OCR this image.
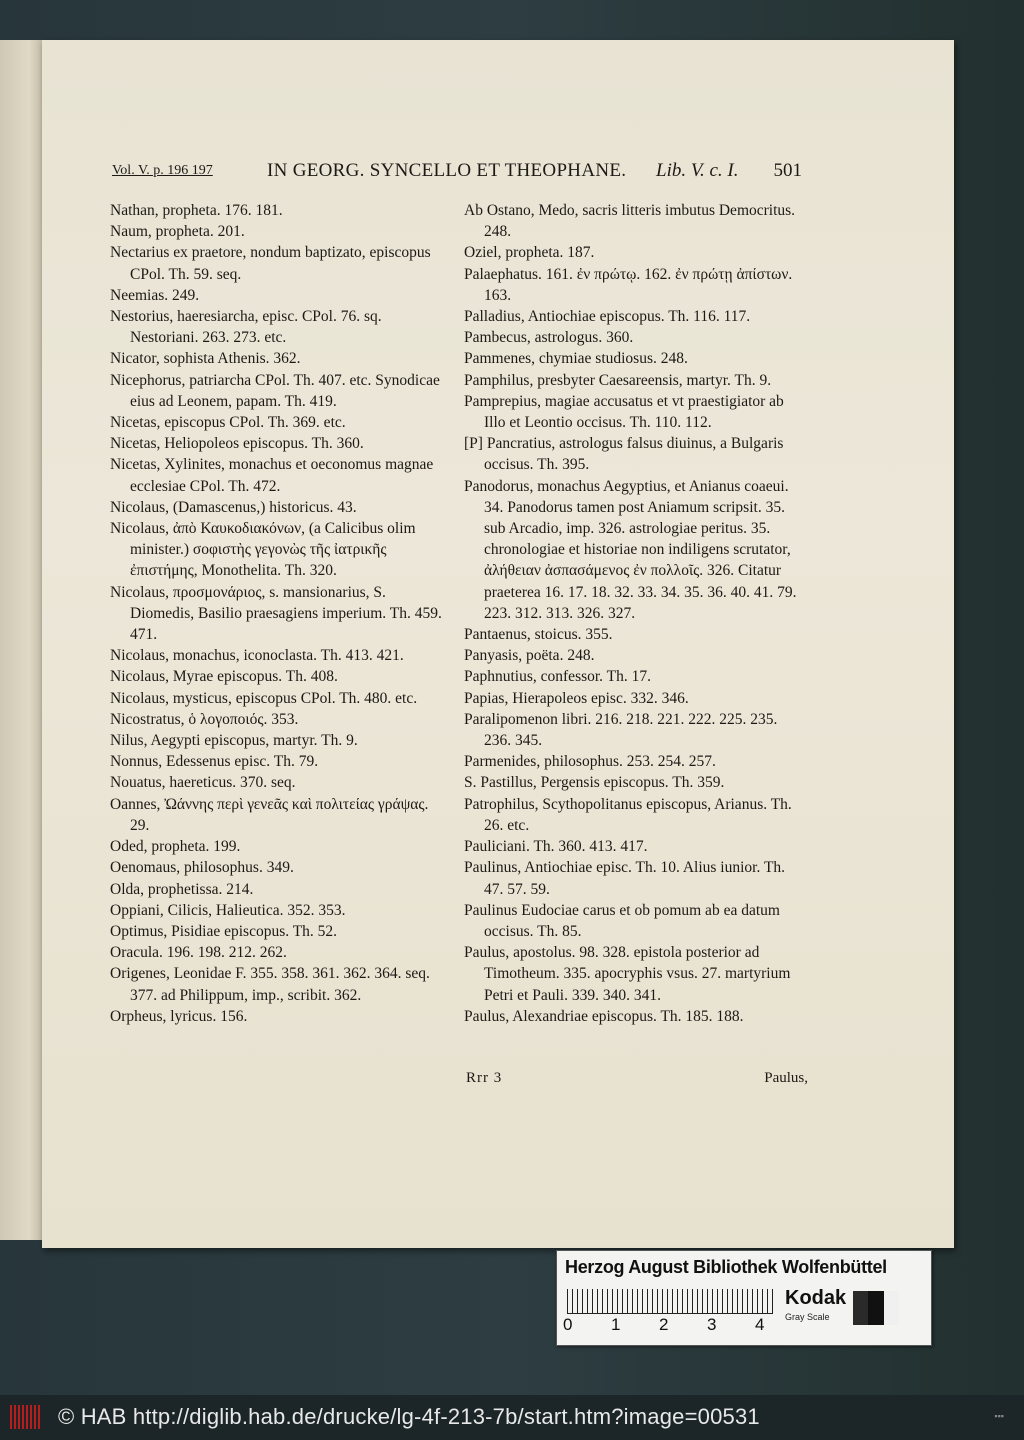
Vol. V. p. 196 197	IN GEORG. SYNCELLO ET THEOPHANE. Lib. V. c. I. 501
Nathan, propheta. 176. 181.
Naum, propheta. 201.
Nectarius ex praetore, nondum baptizato, episcopus CPol. Th. 59. seq.
Neemias. 249.
Nestorius, haeresiarcha, episc. CPol. 76. sq. Nestoriani. 263. 273. etc.
Nicator, sophista Athenis. 362.
Nicephorus, patriarcha CPol. Th. 407. etc. Synodicae eius ad Leonem, papam. Th. 419.
Nicetas, episcopus CPol. Th. 369. etc.
Nicetas, Heliopoleos episcopus. Th. 360.
Nicetas, Xylinites, monachus et oeconomus magnae ecclesiae CPol. Th. 472.
Nicolaus, (Damascenus,) historicus. 43.
Nicolaus, ἀπὸ Καυκοδιακόνων, (a Calicibus olim minister.) σοφιστὴς γεγονὼς τῆς ἰατρικῆς ἐπιστήμης, Monothelita. Th. 320.
Nicolaus, προσμονάριος, s. mansionarius, S. Diomedis, Basilio praesagiens imperium. Th. 459. 471.
Nicolaus, monachus, iconoclasta. Th. 413. 421.
Nicolaus, Myrae episcopus. Th. 408.
Nicolaus, mysticus, episcopus CPol. Th. 480. etc.
Nicostratus, ὁ λογοποιός. 353.
Nilus, Aegypti episcopus, martyr. Th. 9.
Nonnus, Edessenus episc. Th. 79.
Nouatus, haereticus. 370. seq.
Oannes, Ὠάννης περὶ γενεᾶς καὶ πολιτείας γράψας. 29.
Oded, propheta. 199.
Oenomaus, philosophus. 349.
Olda, prophetissa. 214.
Oppiani, Cilicis, Halieutica. 352. 353.
Optimus, Pisidiae episcopus. Th. 52.
Oracula. 196. 198. 212. 262.
Origenes, Leonidae F. 355. 358. 361. 362. 364. seq. 377. ad Philippum, imp., scribit. 362.
Orpheus, lyricus. 156.
Ab Ostano, Medo, sacris litteris imbutus Democritus. 248.
Oziel, propheta. 187.
Palaephatus. 161. ἐν πρώτῳ. 162. ἐν πρώτῃ ἀπίστων. 163.
Palladius, Antiochiae episcopus. Th. 116. 117.
Pambecus, astrologus. 360.
Pammenes, chymiae studiosus. 248.
Pamphilus, presbyter Caesareensis, martyr. Th. 9.
Pamprepius, magiae accusatus et vt praestigiator ab Illo et Leontio occisus. Th. 110. 112.
[P] Pancratius, astrologus falsus diuinus, a Bulgaris occisus. Th. 395.
Panodorus, monachus Aegyptius, et Anianus coaeui. 34. Panodorus tamen post Aniamum scripsit. 35. sub Arcadio, imp. 326. astrologiae peritus. 35. chronologiae et historiae non indiligens scrutator, ἀλήθειαν ἀσπασάμενος ἐν πολλοῖς. 326. Citatur praeterea 16. 17. 18. 32. 33. 34. 35. 36. 40. 41. 79. 223. 312. 313. 326. 327.
Pantaenus, stoicus. 355.
Panyasis, poëta. 248.
Paphnutius, confessor. Th. 17.
Papias, Hierapoleos episc. 332. 346.
Paralipomenon libri. 216. 218. 221. 222. 225. 235. 236. 345.
Parmenides, philosophus. 253. 254. 257.
S. Pastillus, Pergensis episcopus. Th. 359.
Patrophilus, Scythopolitanus episcopus, Arianus. Th. 26. etc.
Pauliciani. Th. 360. 413. 417.
Paulinus, Antiochiae episc. Th. 10. Alius iunior. Th. 47. 57. 59.
Paulinus Eudociae carus et ob pomum ab ea datum occisus. Th. 85.
Paulus, apostolus. 98. 328. epistola posterior ad Timotheum. 335. apocryphis vsus. 27. martyrium Petri et Pauli. 339. 340. 341.
Paulus, Alexandriae episcopus. Th. 185. 188.
Rrr 3	Paulus,
Herzog August Bibliothek Wolfenbüttel
0 1 2 3 4
Kodak
Gray Scale
© HAB http://diglib.hab.de/drucke/lg-4f-213-7b/start.htm?image=00531	▪▪▪
